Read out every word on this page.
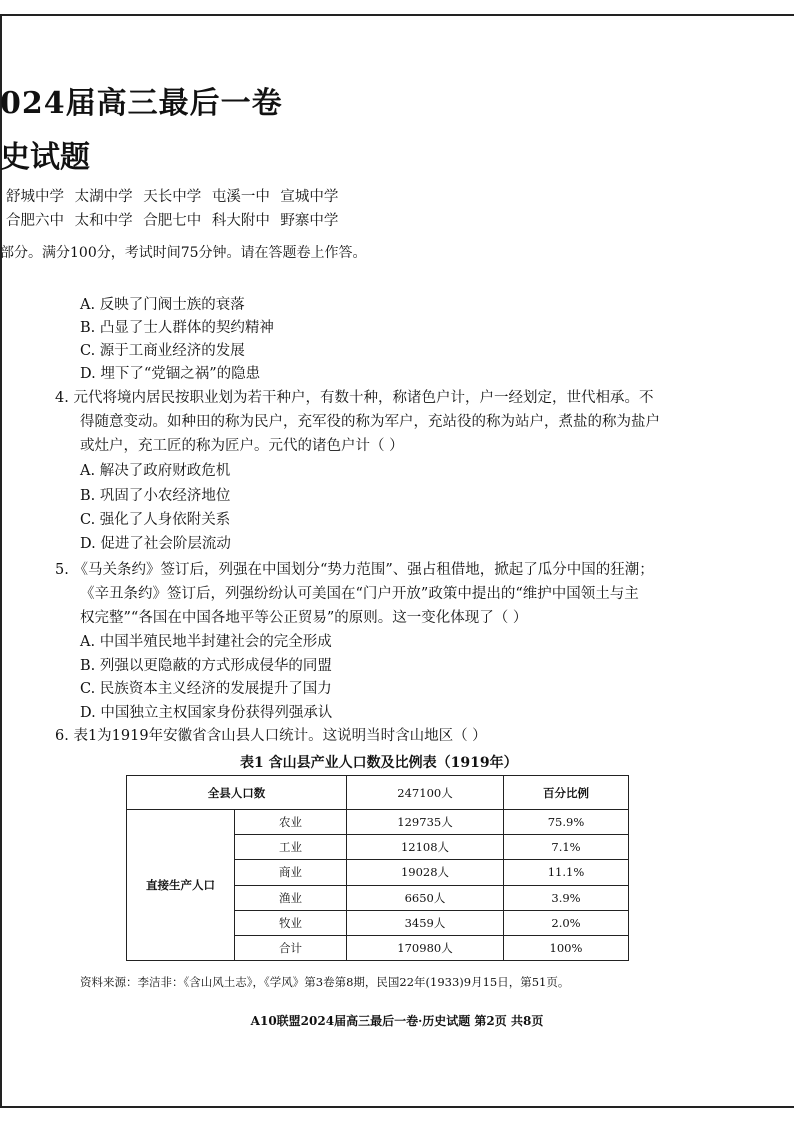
024届高三最后一卷
史试题
舒城中学 太湖中学 天长中学 屯溪一中 宣城中学
合肥六中 太和中学 合肥七中 科大附中 野寨中学
部分。满分100分，考试时间75分钟。请在答题卷上作答。
A. 反映了门阀士族的衰落
B. 凸显了士人群体的契约精神
C. 源于工商业经济的发展
D. 埋下了“党锢之祸”的隐患
4. 元代将境内居民按职业划为若干种户，有数十种，称诸色户计，户一经划定，世代相承。不
得随意变动。如种田的称为民户，充军役的称为军户，充站役的称为站户，煮盐的称为盐户
或灶户，充工匠的称为匠户。元代的诸色户计（ ）
A. 解决了政府财政危机
B. 巩固了小农经济地位
C. 强化了人身依附关系
D. 促进了社会阶层流动
5. 《马关条约》签订后，列强在中国划分“势力范围”、强占租借地，掀起了瓜分中国的狂潮；
《辛丑条约》签订后，列强纷纷认可美国在“门户开放”政策中提出的“维护中国领土与主
权完整”“各国在中国各地平等公正贸易”的原则。这一变化体现了（ ）
A. 中国半殖民地半封建社会的完全形成
B. 列强以更隐蔽的方式形成侵华的同盟
C. 民族资本主义经济的发展提升了国力
D. 中国独立主权国家身份获得列强承认
6. 表1为1919年安徽省含山县人口统计。这说明当时含山地区（ ）
表1 含山县产业人口数及比例表（1919年）
全县人口数		247100人	百分比例
直接生产人口	农业	129735人	75.9%
	工业	12108人	7.1%
	商业	19028人	11.1%
	渔业	6650人	3.9%
	牧业	3459人	2.0%
	合计	170980人	100%
资料来源：李洁非：《含山风土志》，《学风》第3卷第8期，民国22年(1933)9月15日，第51页。
A10联盟2024届高三最后一卷·历史试题 第2页 共8页
